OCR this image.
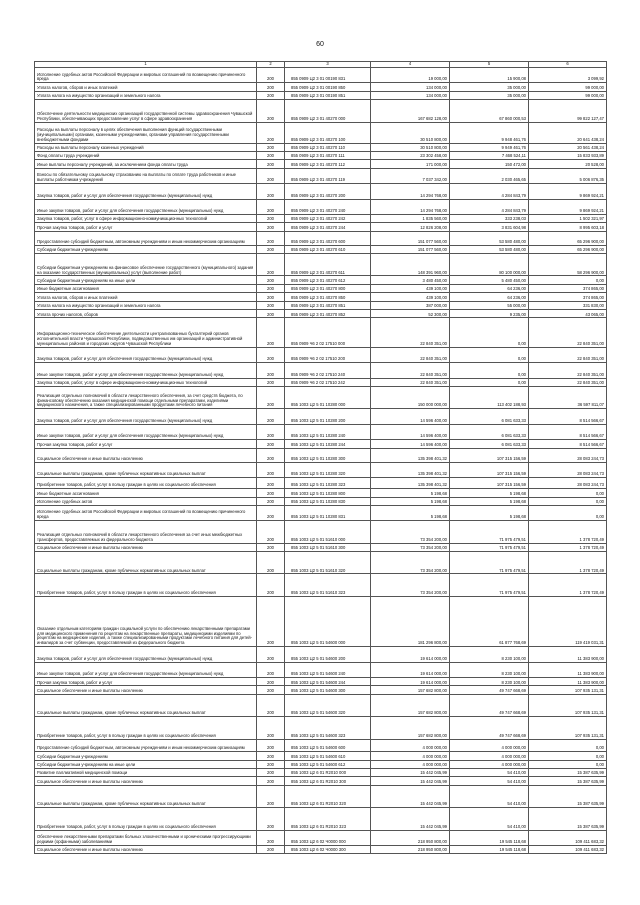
60
1	2	3	4	5	6
Исполнение судебных актов Российской Федерации и мировых соглашений по возмещению причиненного вреда	200	855 0909 Ц2 3 01 00190 831	19 000,00	15 900,08	3 099,92
Уплата налогов, сборов и иных платежей	200	855 0909 Ц2 3 01 00190 850	134 000,00	35 000,00	99 000,00
Уплата налога на имущество организаций и земельного налога	200	855 0909 Ц2 3 01 00190 851	134 000,00	35 000,00	99 000,00
Обеспечение деятельности медицинских организаций государственной системы здравоохранения Чувашской Республики, обеспечивающих предоставление услуг в сфере здравоохранения	200	855 0909 Ц2 3 01 40270 000	167 682 128,00	67 860 000,53	99 822 127,47
Расходы на выплаты персоналу в целях обеспечения выполнения функций государственными (муниципальными) органами, казенными учреждениями, органами управления государственными внебюджетными фондами	200	855 0909 Ц2 3 01 40270 100	30 510 800,00	9 948 461,76	20 641 438,24
Расходы на выплаты персоналу казенных учреждений	200	855 0909 Ц2 3 01 40270 110	30 510 800,00	9 949 461,76	20 561 438,24
Фонд оплаты труда учреждений	200	855 0909 Ц2 3 01 40270 111	23 302 458,00	7 468 524,11	15 833 933,89
Иные выплаты персоналу учреждений, за исключением фонда оплаты труда	200	855 0909 Ц2 3 01 40270 112	171 000,00	150 472,00	20 528,00
Взносы по обязательному социальному страхованию на выплаты по оплате труда работников и иные выплаты работникам учреждений	200	855 0909 Ц2 3 01 40270 119	7 037 342,00	2 030 465,65	5 006 876,35
Закупка товаров, работ и услуг для обеспечения государственных (муниципальных) нужд	200	855 0909 Ц2 3 01 40270 200	14 294 768,00	4 284 843,79	9 869 924,21
Иные закупки товаров, работ и услуг для обеспечения государственных (муниципальных) нужд	200	855 0909 Ц2 3 01 40270 240	14 294 768,00	4 284 843,79	9 869 924,21
Закупка товаров, работ, услуг в сфере информационно-коммуникационных технологий	200	855 0909 Ц2 3 01 40270 242	1 835 560,00	333 238,03	1 502 321,97
Прочая закупка товаров, работ и услуг	200	855 0909 Ц2 3 01 40270 244	12 826 208,00	3 831 604,98	8 995 603,18
Предоставление субсидий бюджетным, автономным учреждениям и иным некоммерческим организациям	200	855 0909 Ц2 3 01 40270 600	151 077 560,00	53 580 480,00	65 296 900,00
Субсидии бюджетным учреждениям	200	855 0909 Ц2 3 01 40270 610	151 077 560,00	53 580 480,00	65 296 900,00
Субсидии бюджетным учреждениям на финансовое обеспечение государственного (муниципального) задания на оказание государственных (муниципальных) услуг (выполнение работ)	200	855 0909 Ц2 3 01 40270 611	148 391 960,00	80 100 000,00	58 296 900,00
Субсидии бюджетным учреждениям на иные цели	200	855 0909 Ц2 3 01 40270 612	3 480 450,00	5 480 450,00	0,00
Иные бюджетные ассигнования	200	855 0909 Ц2 3 01 40270 800	439 100,00	64 236,00	374 865,00
Уплата налогов, сборов и иных платежей	200	855 0909 Ц2 3 01 40270 850	439 100,00	64 236,00	374 865,00
Уплата налога на имущество организаций и земельного налога	200	855 0909 Ц2 3 01 40270 851	387 000,00	55 000,00	331 830,00
Уплата прочих налогов, сборов	200	855 0909 Ц2 3 01 40270 852	52 300,00	9 235,00	43 065,00
Информационно-техническое обеспечение деятельности централизованных бухгалтерий органов исполнительной власти Чувашской Республики, подведомственных им организаций и административной муниципальных районов и городских округов Чувашской Республики	200	855 0909 Ч6 2 02 17510 000	22 840 351,00	0,00	22 840 351,00
Закупка товаров, работ и услуг для обеспечения государственных (муниципальных) нужд	200	855 0909 Ч6 2 02 17510 200	22 840 351,00	0,00	22 840 351,00
Иные закупки товаров, работ и услуг для обеспечения государственных (муниципальных) нужд	200	855 0909 Ч6 2 02 17510 240	22 840 351,00	0,00	22 840 351,00
Закупка товаров, работ, услуг в сфере информационно-коммуникационных технологий	200	855 0909 Ч6 2 02 17510 242	22 840 351,00	0,00	22 840 351,00
Реализация отдельных полномочий в области лекарственного обеспечения, за счет средств бюджета, по финансовому обеспечению оказания медицинской помощи отдельными препаратами, изделиями медицинского назначения, а также специализированными продуктами лечебного питания	200	855 1003 Ц2 5 01 10280 000	150 000 000,00	113 402 188,93	36 597 811,07
Закупка товаров, работ и услуг для обеспечения государственных (муниципальных) нужд	200	855 1003 Ц2 5 01 10280 200	14 596 400,00	6 081 633,33	8 514 566,67
Иные закупки товаров, работ и услуг для обеспечения государственных (муниципальных) нужд	200	855 1003 Ц2 5 01 10280 240	14 596 400,00	6 081 633,33	8 514 566,67
Прочая закупка товаров, работ и услуг	200	855 1003 Ц2 5 01 10280 244	14 596 400,00	6 081 633,33	8 514 566,67
Социальное обеспечение и иные выплаты населению	200	855 1003 Ц2 5 01 10280 300	135 398 401,32	107 315 156,59	28 083 244,73
Социальные выплаты гражданам, кроме публичных нормативных социальных выплат	200	855 1003 Ц2 5 01 10280 320	135 398 401,32	107 315 156,59	28 083 244,73
Приобретение товаров, работ, услуг в пользу граждан в целях их социального обеспечения	200	855 1003 Ц2 5 01 10280 323	135 398 401,32	107 315 156,59	28 083 244,73
Иные бюджетные ассигнования	200	855 1003 Ц2 5 01 10280 800	5 198,68	5 198,68	0,00
Исполнение судебных актов	200	855 1003 Ц2 5 01 10280 830	5 198,68	5 198,68	0,00
Исполнение судебных актов Российской Федерации и мировых соглашений по возмещению причиненного вреда	200	855 1003 Ц2 5 01 10280 831	5 198,68	5 198,68	0,00
Реализация отдельных полномочий в области лекарственного обеспечения за счет иных межбюджетных трансфертов, предоставляемых из федерального бюджета	200	855 1003 Ц2 5 01 51610 000	73 354 200,00	71 975 479,51	1 378 720,49
Социальное обеспечение и иные выплаты населению	200	855 1003 Ц2 5 01 51610 300	73 354 200,00	71 975 479,51	1 378 720,49
Социальные выплаты гражданам, кроме публичных нормативных социальных выплат	200	855 1003 Ц2 5 01 51610 320	73 354 200,00	71 975 479,51	1 378 720,49
Приобретение товаров, работ, услуг в пользу граждан в целях их социального обеспечения	200	855 1003 Ц2 5 01 51610 323	73 354 200,00	71 975 479,51	1 378 720,49
Оказание отдельным категориям граждан социальной услуги по обеспечению лекарственными препаратами для медицинского применения по рецептам на лекарственные препараты, медицинскими изделиями по рецептам на медицинские изделия, а также специализированными продуктами лечебного питания для детей-инвалидов за счет субвенции, предоставляемой из федерального бюджета	200	855 1003 Ц2 5 01 54600 000	181 296 800,00	61 877 768,69	119 419 031,31
Закупка товаров, работ и услуг для обеспечения государственных (муниципальных) нужд	200	855 1003 Ц2 5 01 54600 200	19 614 000,00	8 230 100,00	11 383 900,00
Иные закупки товаров, работ и услуг для обеспечения государственных (муниципальных) нужд	200	855 1003 Ц2 5 01 54600 240	19 614 000,00	8 230 100,00	11 383 900,00
Прочая закупка товаров, работ и услуг	200	855 1003 Ц2 5 01 54600 244	19 614 000,00	8 230 100,00	11 383 900,00
Социальное обеспечение и иные выплаты населению	200	855 1003 Ц2 5 01 54600 300	157 682 800,00	49 747 668,69	107 935 131,31
Социальные выплаты гражданам, кроме публичных нормативных социальных выплат	200	855 1003 Ц2 5 01 54600 320	157 682 800,00	49 747 668,69	107 935 131,31
Приобретение товаров, работ, услуг в пользу граждан в целях их социального обеспечения	200	855 1003 Ц2 5 01 54600 323	157 682 800,00	49 747 668,69	107 935 131,31
Предоставление субсидий бюджетным, автономным учреждениям и иным некоммерческим организациям	200	855 1003 Ц2 5 01 54600 600	4 000 000,00	4 000 000,00	0,00
Субсидии бюджетным учреждениям	200	855 1003 Ц2 5 01 54600 610	4 000 000,00	4 000 000,00	0,00
Субсидии бюджетным учреждениям на иные цели	200	855 1003 Ц2 5 01 54600 612	4 000 000,00	4 000 000,00	0,00
Развитие паллиативной медицинской помощи	200	855 1003 Ц2 6 01 R2010 000	15 442 045,99	54 410,00	15 387 635,99
Социальное обеспечение и иные выплаты населению	200	855 1003 Ц2 6 01 R2010 300	15 442 045,99	54 410,00	15 387 635,99
Социальные выплаты гражданам, кроме публичных нормативных социальных выплат	200	855 1003 Ц2 6 01 R2010 320	15 442 045,99	54 410,00	15 387 635,99
Приобретение товаров, работ, услуг в пользу граждан в целях их социального обеспечения	200	855 1003 Ц2 6 01 R2010 323	15 442 045,99	54 410,00	15 387 635,99
Обеспечение лекарственными препаратами больных злокачественными и хроническими прогрессирующими редкими (орфанными) заболеваниями	200	855 1003 Ц2 6 02 Ч0000 000	218 950 800,00	19 545 118,68	109 411 683,32
Социальное обеспечение и иные выплаты населению	200	855 1003 Ц2 6 02 Ч0000 300	218 950 800,00	19 545 118,68	109 411 683,32
